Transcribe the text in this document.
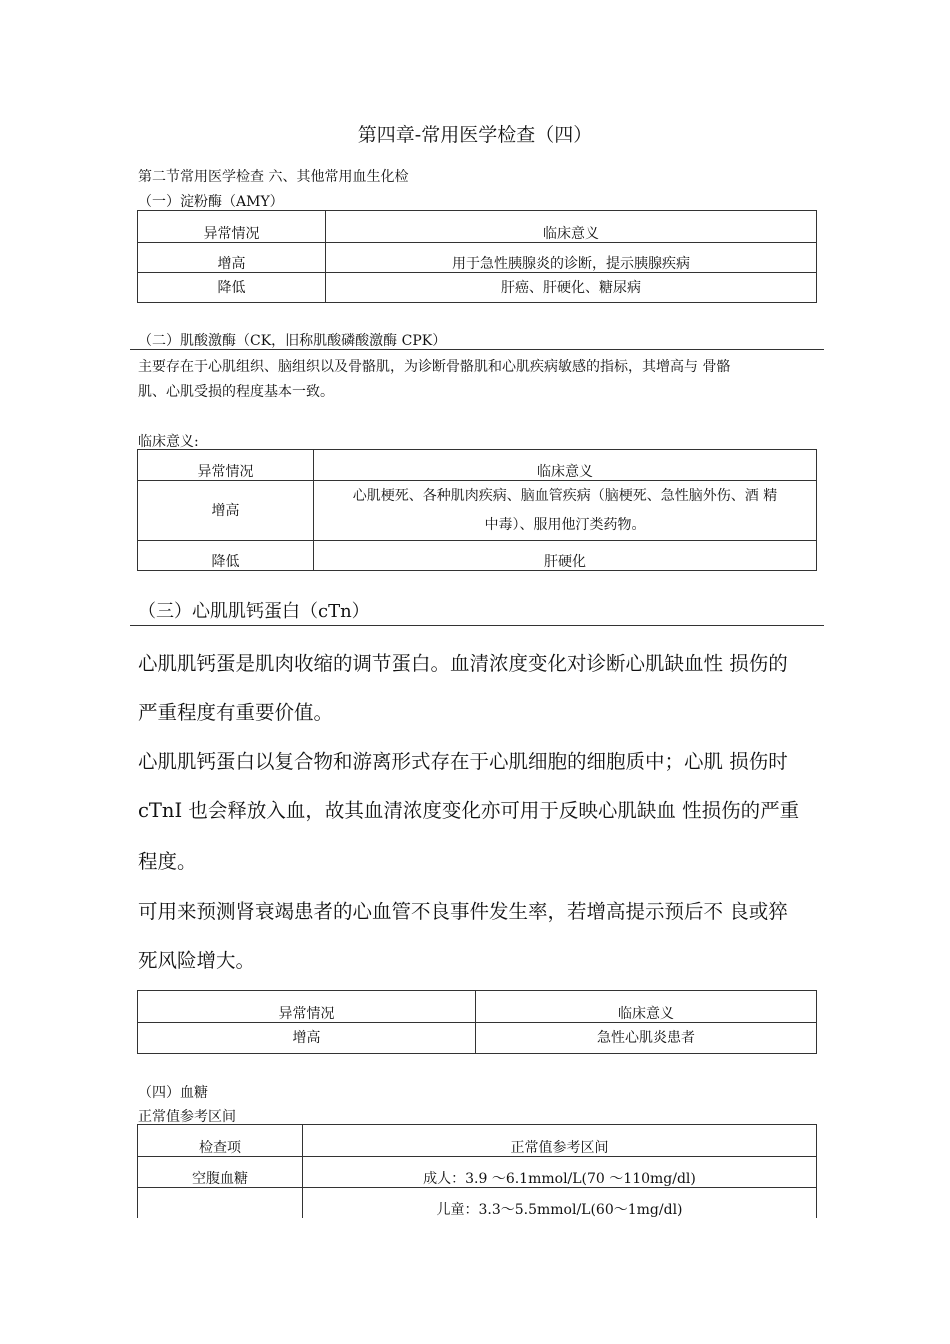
第四章-常用医学检查（四）
第二节常用医学检查 六、其他常用血生化检
（一）淀粉酶（AMY）
异常情况	临床意义
增高	用于急性胰腺炎的诊断，提示胰腺疾病
降低	肝癌、肝硬化、糖尿病
（二）肌酸激酶（CK，旧称肌酸磷酸激酶 CPK）
主要存在于心肌组织、脑组织以及骨骼肌，为诊断骨骼肌和心肌疾病敏感的指标，其增高与 骨骼
肌、心肌受损的程度基本一致。
临床意义:
异常情况	临床意义
增高	心肌梗死、各种肌肉疾病、脑血管疾病（脑梗死、急性脑外伤、酒 精
中毒）、服用他汀类药物。

降低	肝硬化
（三）心肌肌钙蛋白（cTn）
心肌肌钙蛋是肌肉收缩的调节蛋白。血清浓度变化对诊断心肌缺血性 损伤的
严重程度有重要价值。
心肌肌钙蛋白以复合物和游离形式存在于心肌细胞的细胞质中；心肌 损伤时
cTnI 也会释放入血，故其血清浓度变化亦可用于反映心肌缺血 性损伤的严重
程度。
可用来预测肾衰竭患者的心血管不良事件发生率，若增高提示预后不 良或猝
死风险增大。
异常情况	临床意义
增高	急性心肌炎患者
（四）血糖
正常值参考区间
检查项	正常值参考区间
空腹血糖	成人：3.9 〜6.1mmol/L(70 〜110mg/dl)
	儿童：3.3〜5.5mmol/L(60〜1mg/dl)
